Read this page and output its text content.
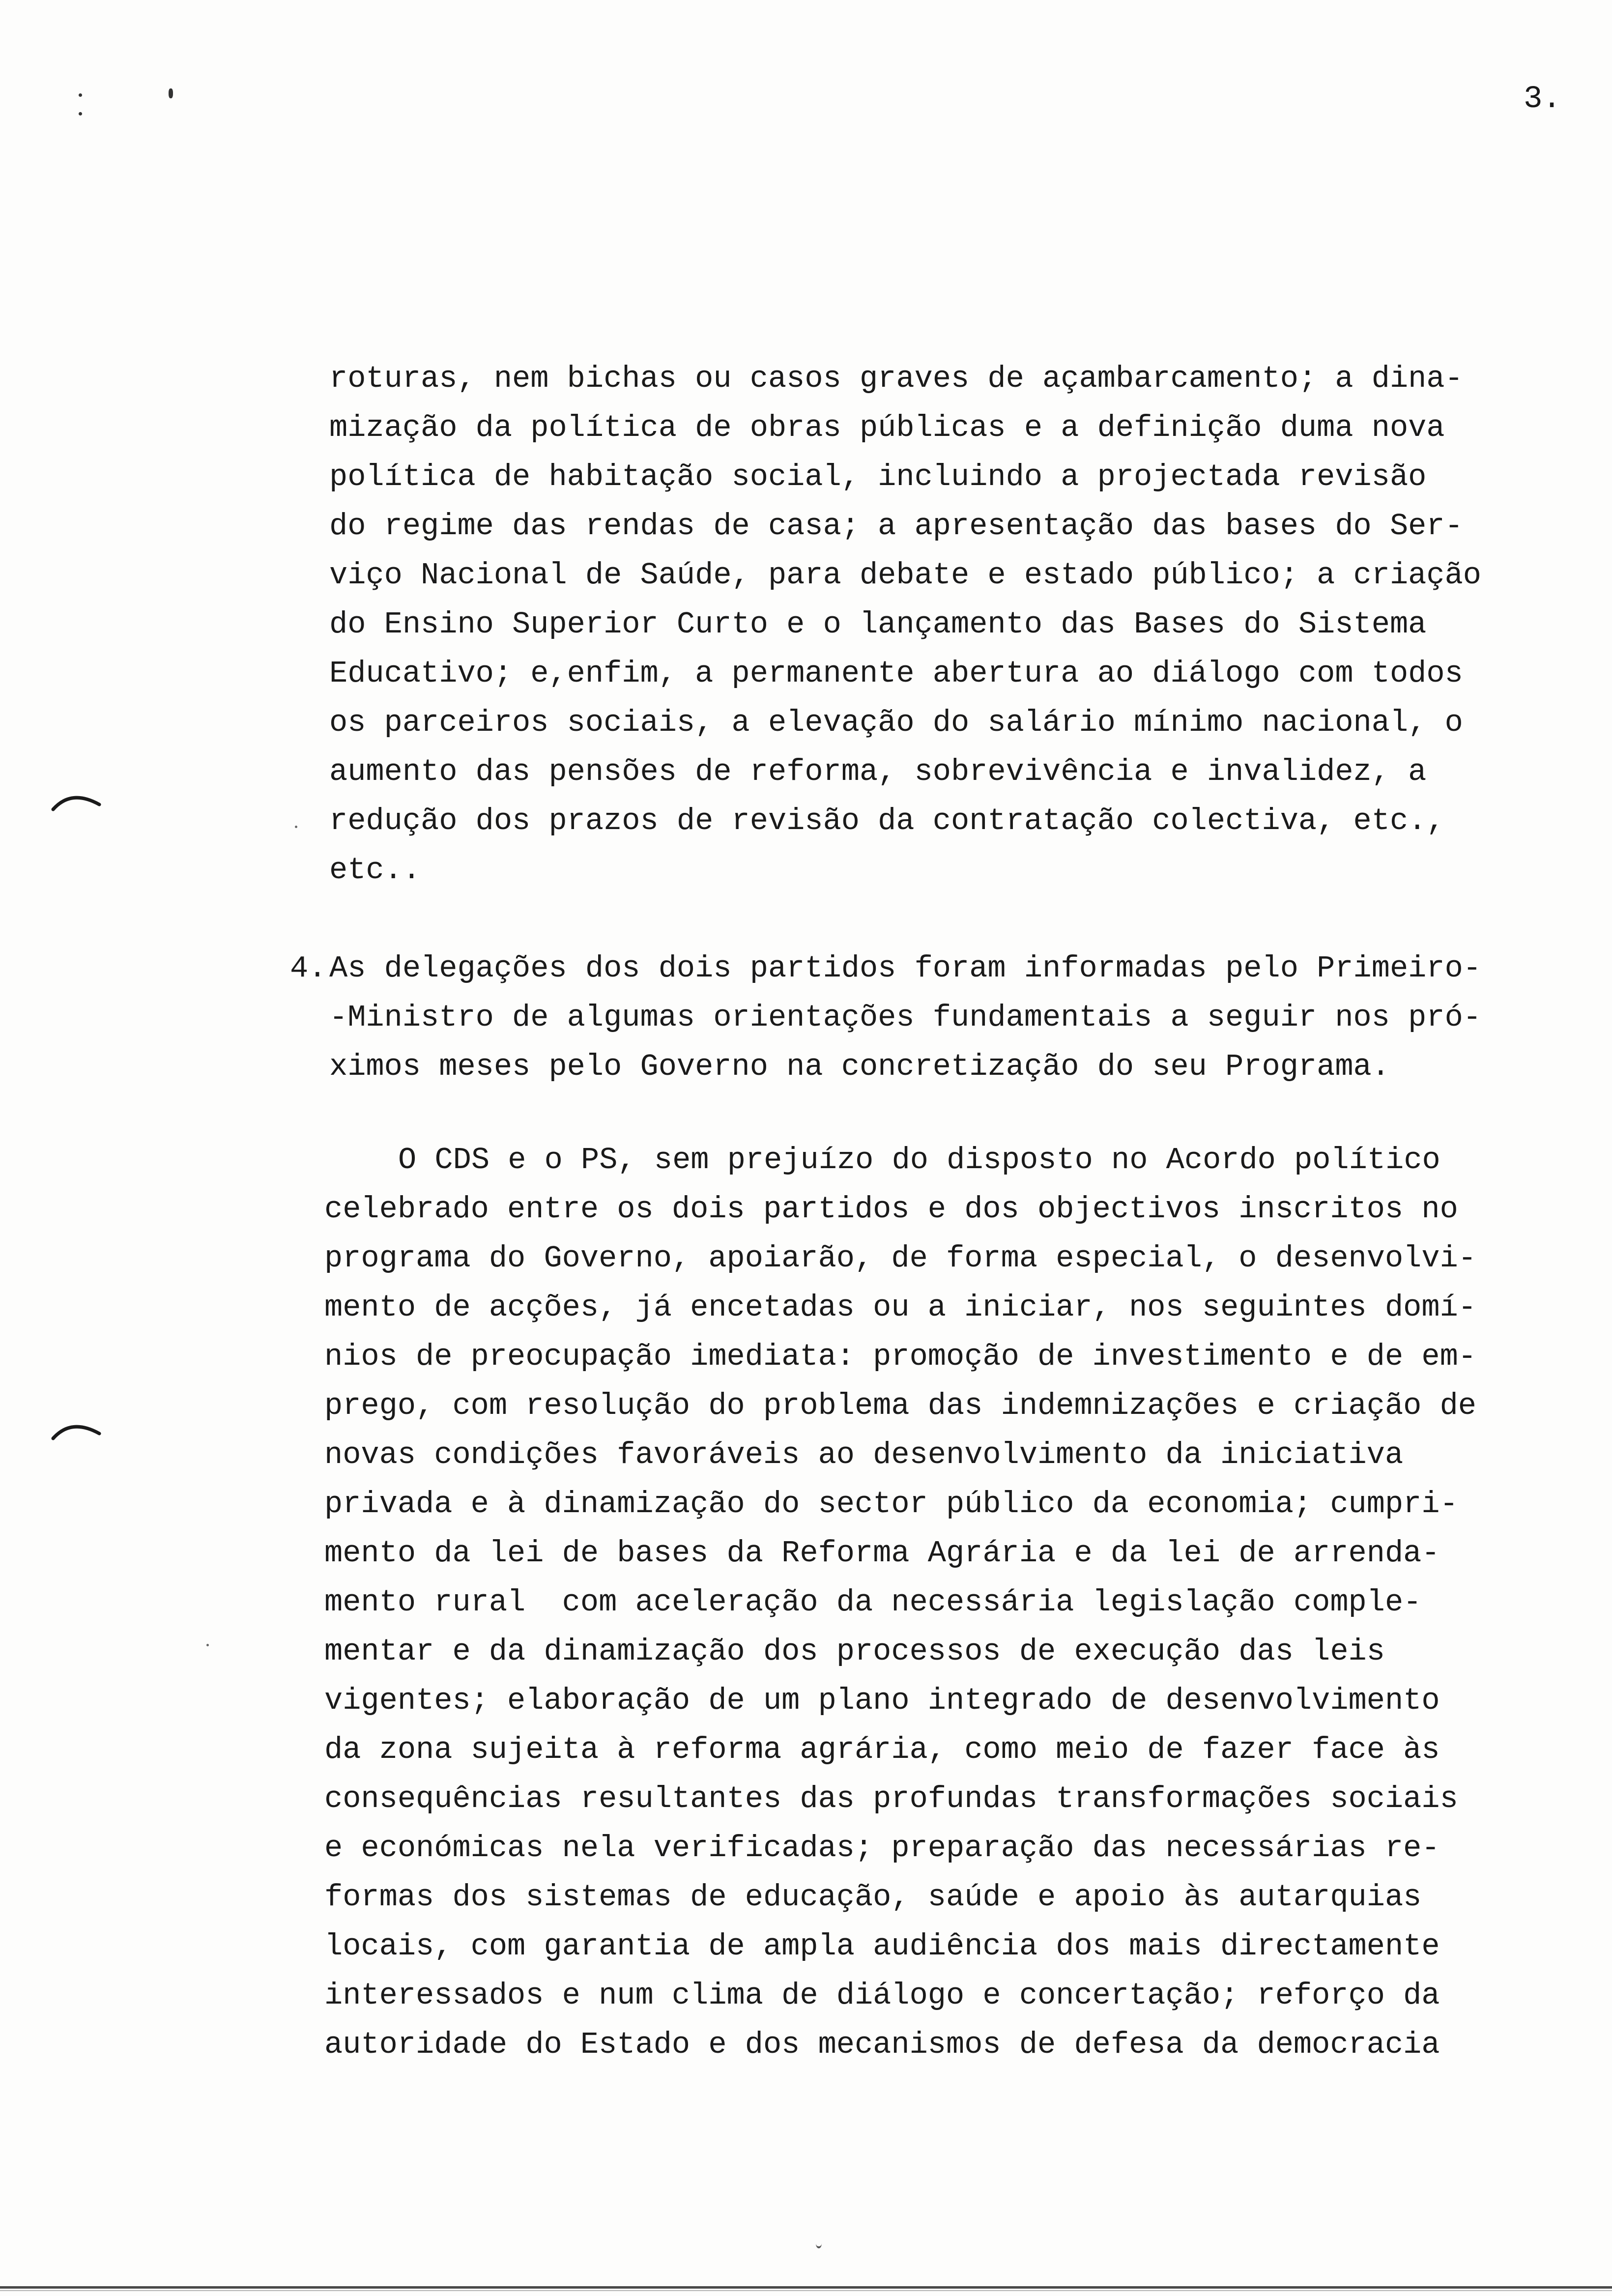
3.
roturas, nem bichas ou casos graves de açambarcamento; a dina-
mização da política de obras públicas e a definição duma nova
política de habitação social, incluindo a projectada revisão
do regime das rendas de casa; a apresentação das bases do Ser-
viço Nacional de Saúde, para debate e estado público; a criação
do Ensino Superior Curto e o lançamento das Bases do Sistema
Educativo; e,enfim, a permanente abertura ao diálogo com todos
os parceiros sociais, a elevação do salário mínimo nacional, o
aumento das pensões de reforma, sobrevivência e invalidez, a
redução dos prazos de revisão da contratação colectiva, etc.,
etc..
4. As delegações dos dois partidos foram informadas pelo Primeiro-
-Ministro de algumas orientações fundamentais a seguir nos pró-
ximos meses pelo Governo na concretização do seu Programa.
O CDS e o PS, sem prejuízo do disposto no Acordo político
celebrado entre os dois partidos e dos objectivos inscritos no
programa do Governo, apoiarão, de forma especial, o desenvolvi-
mento de acções, já encetadas ou a iniciar, nos seguintes domí-
nios de preocupação imediata: promoção de investimento e de em-
prego, com resolução do problema das indemnizações e criação de
novas condições favoráveis ao desenvolvimento da iniciativa
privada e à dinamização do sector público da economia; cumpri-
mento da lei de bases da Reforma Agrária e da lei de arrenda-
mento rural  com aceleração da necessária legislação comple-
mentar e da dinamização dos processos de execução das leis
vigentes; elaboração de um plano integrado de desenvolvimento
da zona sujeita à reforma agrária, como meio de fazer face às
consequências resultantes das profundas transformações sociais
e económicas nela verificadas; preparação das necessárias re-
formas dos sistemas de educação, saúde e apoio às autarquias
locais, com garantia de ampla audiência dos mais directamente
interessados e num clima de diálogo e concertação; reforço da
autoridade do Estado e dos mecanismos de defesa da democracia
